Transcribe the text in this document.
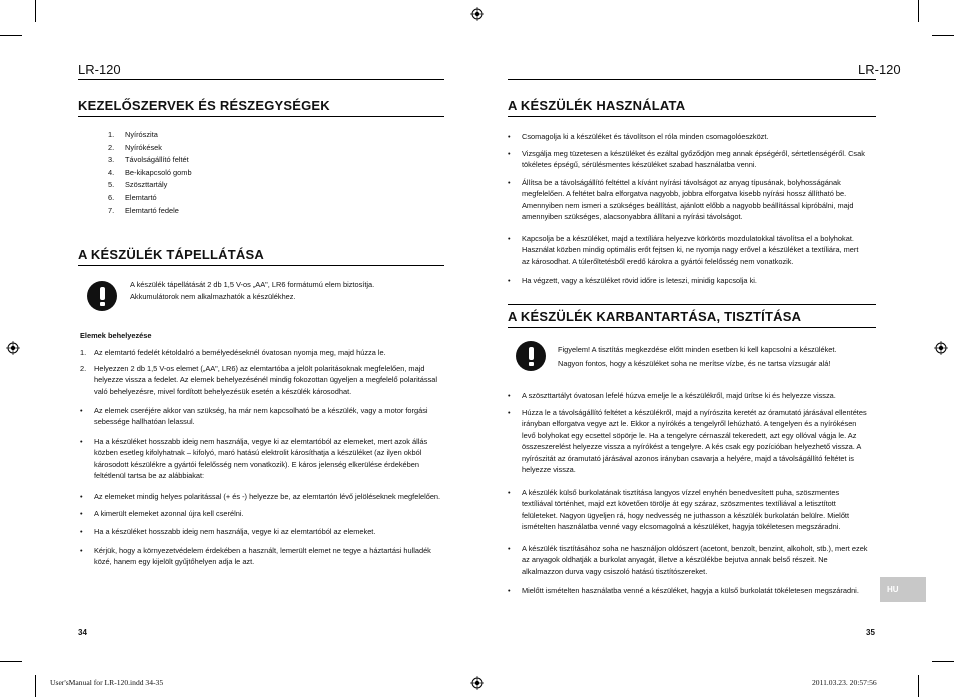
LR-120
KEZELŐSZERVEK ÉS RÉSZEGYSÉGEK
1.	Nyírószita
2.	Nyírókések
3.	Távolságállító feltét
4.	Be-kikapcsoló gomb
5.	Szöszttartály
6.	Elemtartó
7.	Elemtartó fedele
A KÉSZÜLÉK TÁPELLÁTÁSA
A készülék tápellátását 2 db 1,5 V-os „AA", LR6 formátumú elem biztosítja.
Akkumulátorok nem alkalmazhatók a készülékhez.
Elemek behelyezése
1.	Az elemtartó fedelét kétoldalró a bemélyedéseknél óvatosan nyomja meg, majd húzza le.
2.	Helyezzen 2 db 1,5 V-os elemet („AA", LR6) az elemtartóba a jelölt polaritásoknak megfelelően, majd helyezze vissza a fedelet. Az elemek behelyezésénél mindig fokozottan ügyeljen a megfelelő polaritással való behelyezésre, mivel fordított behelyezésük esetén a készülék károsodhat.
•	Az elemek cseréjére akkor van szükség, ha már nem kapcsolható be a készülék, vagy a motor forgási sebessége hallhatóan lelassul.
•	Ha a készüléket hosszabb ideig nem használja, vegye ki az elemtartóból az elemeket, mert azok állás közben esetleg kifolyhatnak – kifolyó, maró hatású elektrolit károsíthatja a készüléket (az ilyen okból károsodott készülékre a gyártói felelősség nem vonatkozik). E káros jelenség elkerülése érdekében feltétlenül tartsa be az alábbiakat:
•	Az elemeket mindig helyes polaritással (+ és -) helyezze be, az elemtartón lévő jelöléseknek megfelelően.
•	A kimerült elemeket azonnal újra kell cserélni.
•	Ha a készüléket hosszabb ideig nem használja, vegye ki az elemtartóból az elemeket.
•	Kérjük, hogy a környezetvédelem érdekében a használt, lemerült elemet ne tegye a háztartási hulladék közé, hanem egy kijelölt gyűjtőhelyen adja le azt.
34
LR-120
A KÉSZÜLÉK HASZNÁLATA
•	Csomagolja ki a készüléket és távolítson el róla minden csomagolóeszközt.
•	Vizsgálja meg tüzetesen a készüléket és ezáltal győződjön meg annak épségéről, sértetlenségéről. Csak tökéletes épségű, sérülésmentes készüléket szabad használatba venni.
•	Állítsa be a távolságállító feltéttel a kívánt nyírási távolságot az anyag típusának, bolyhosságának megfelelően. A feltétet balra elforgatva nagyobb, jobbra elforgatva kisebb nyírási hossz állítható be. Amennyiben nem ismeri a szükséges beállítást, ajánlott előbb a nagyobb beállítással kipróbálni, majd amennyiben szükséges, alacsonyabbra állítani a nyírási távolságot.
•	Kapcsolja be a készüléket, majd a textíliára helyezve körkörös mozdulatokkal távolítsa el a bolyhokat. Használat közben mindig optimális erőt fejtsen ki, ne nyomja nagy erővel a készüléket a textíliára, mert az károsodhat. A túlerőltetésből eredő károkra a gyártói felelősség nem vonatkozik.
•	Ha végzett, vagy a készüléket rövid időre is leteszi, minidig kapcsolja ki.
A KÉSZÜLÉK KARBANTARTÁSA, TISZTÍTÁSA
Figyelem! A tisztítás megkezdése előtt minden esetben ki kell kapcsolni a készüléket.
Nagyon fontos, hogy a készüléket soha ne merítse vízbe, és ne tartsa vízsugár alá!
•	A szöszttartályt óvatosan lefelé húzva emelje le a készülékről, majd ürítse ki és helyezze vissza.
•	Húzza le a távolságállító feltétet a készülékről, majd a nyírószita keretét az óramutató járásával ellentétes irányban elforgatva vegye azt le. Ekkor a nyírókés a tengelyről lehúzható. A tengelyen és a nyírókésen levő bolyhokat egy ecsettel söpörje le. Ha a tengelyre cérnaszál tekeredett, azt egy ollóval vágja le. Az összeszerelést helyezze vissza a nyírókést a tengelyre. A kés csak egy pozícióban helyezhető vissza. A nyírószitát az óramutató járásával azonos irányban csavarja a helyére, majd a távolságállító feltétet is helyezze vissza.
•	A készülék külső burkolatának tisztítása langyos vízzel enyhén benedvesített puha, szöszmentes textíliával történhet, majd ezt követően törölje át egy száraz, szöszmentes textíliával a letisztított felületeket. Nagyon ügyeljen rá, hogy nedvesség ne juthasson a készülék burkolatán belülre. Mielőtt ismételten használatba venné vagy elcsomagolná a készüléket, hagyja tökéletesen megszáradni.
•	A készülék tisztításához soha ne használjon oldószert (acetont, benzolt, benzint, alkoholt, stb.), mert ezek az anyagok oldhatják a burkolat anyagát, illetve a készülékbe bejutva annak belső részeit. Ne alkalmazzon durva vagy csiszoló hatású tisztítószereket.
•	Mielőtt ismételten használatba venné a készüléket, hagyja a külső burkolatát tökéletesen megszáradni.	HU
35
User'sManual for LR-120.indd 34-35	2011.03.23. 20:57:56
